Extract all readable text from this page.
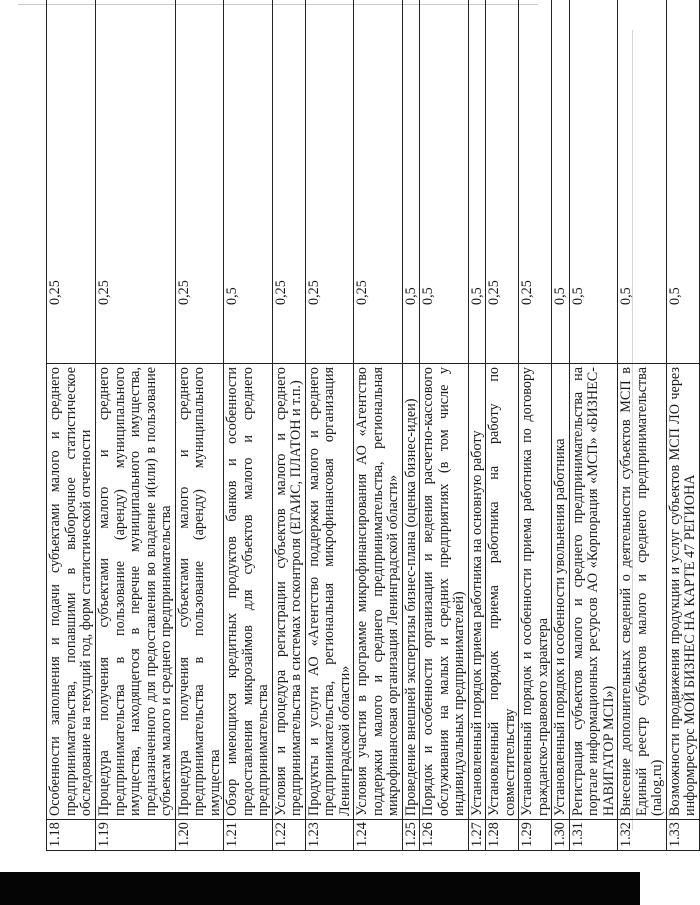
1.18	Особенности заполнения и подачи субъектами малого и среднего предпринимательства, попавшими в выборочное статистическое обследование на текущий год, форм статистической отчетности	0,25
1.19	Процедура получения субъектами малого и среднего предпринимательства в пользование (аренду) муниципального имущества, находящегося в перечне муниципального имущества, предназначенного для предоставления во владение и(или) в пользование субъектам малого и среднего предпринимательства	0,25
1.20	Процедура получения субъектами малого и среднего предпринимательства в пользование (аренду) муниципального имущества	0,25
1.21	Обзор имеющихся кредитных продуктов банков и особенности предоставления микрозаймов для субъектов малого и среднего предпринимательства	0,5
1.22	Условия и процедура регистрации субъектов малого и среднего предпринимательства в системах госконтроля (ЕГАИС, ПЛАТОН и т.п.)	0,25
1.23	Продукты и услуги АО «Агентство поддержки малого и среднего предпринимательства, региональная микрофинансовая организация Ленинградской области»	0,25
1.24	Условия участия в программе микрофинансирования АО «Агентство поддержки малого и среднего предпринимательства, региональная микрофинансовая организация Ленинградской области»	0,25
1.25	Проведение внешней экспертизы бизнес-плана (оценка бизнес-идеи)	0,5
1.26	Порядок и особенности организации и ведения расчетно-кассового обслуживания на малых и средних предприятиях (в том числе у индивидуальных предпринимателей)	0,5
1.27	Установленный порядок приема работника на основную работу	0,5
1.28	Установленный порядок приема работника на работу по совместительству	0,25
1.29	Установленный порядок и особенности приема работника по договору гражданско-правового характера	0,25
1.30	Установленный порядок и особенности увольнения работника	0,5
1.31	Регистрация субъектов малого и среднего предпринимательства на портале информационных ресурсов АО «Корпорация «МСП» «БИЗНЕС-НАВИГАТОР МСП»)	0,5
1.32	Внесение дополнительных сведений о деятельности субъектов МСП в Единый реестр субъектов малого и среднего предпринимательства (nalog.ru)	0,5
1.33	Возможности продвижения продукции и услуг субъектов МСП ЛО через информресурс МОЙ БИЗНЕС НА КАРТЕ 47 РЕГИОНА	0,5
